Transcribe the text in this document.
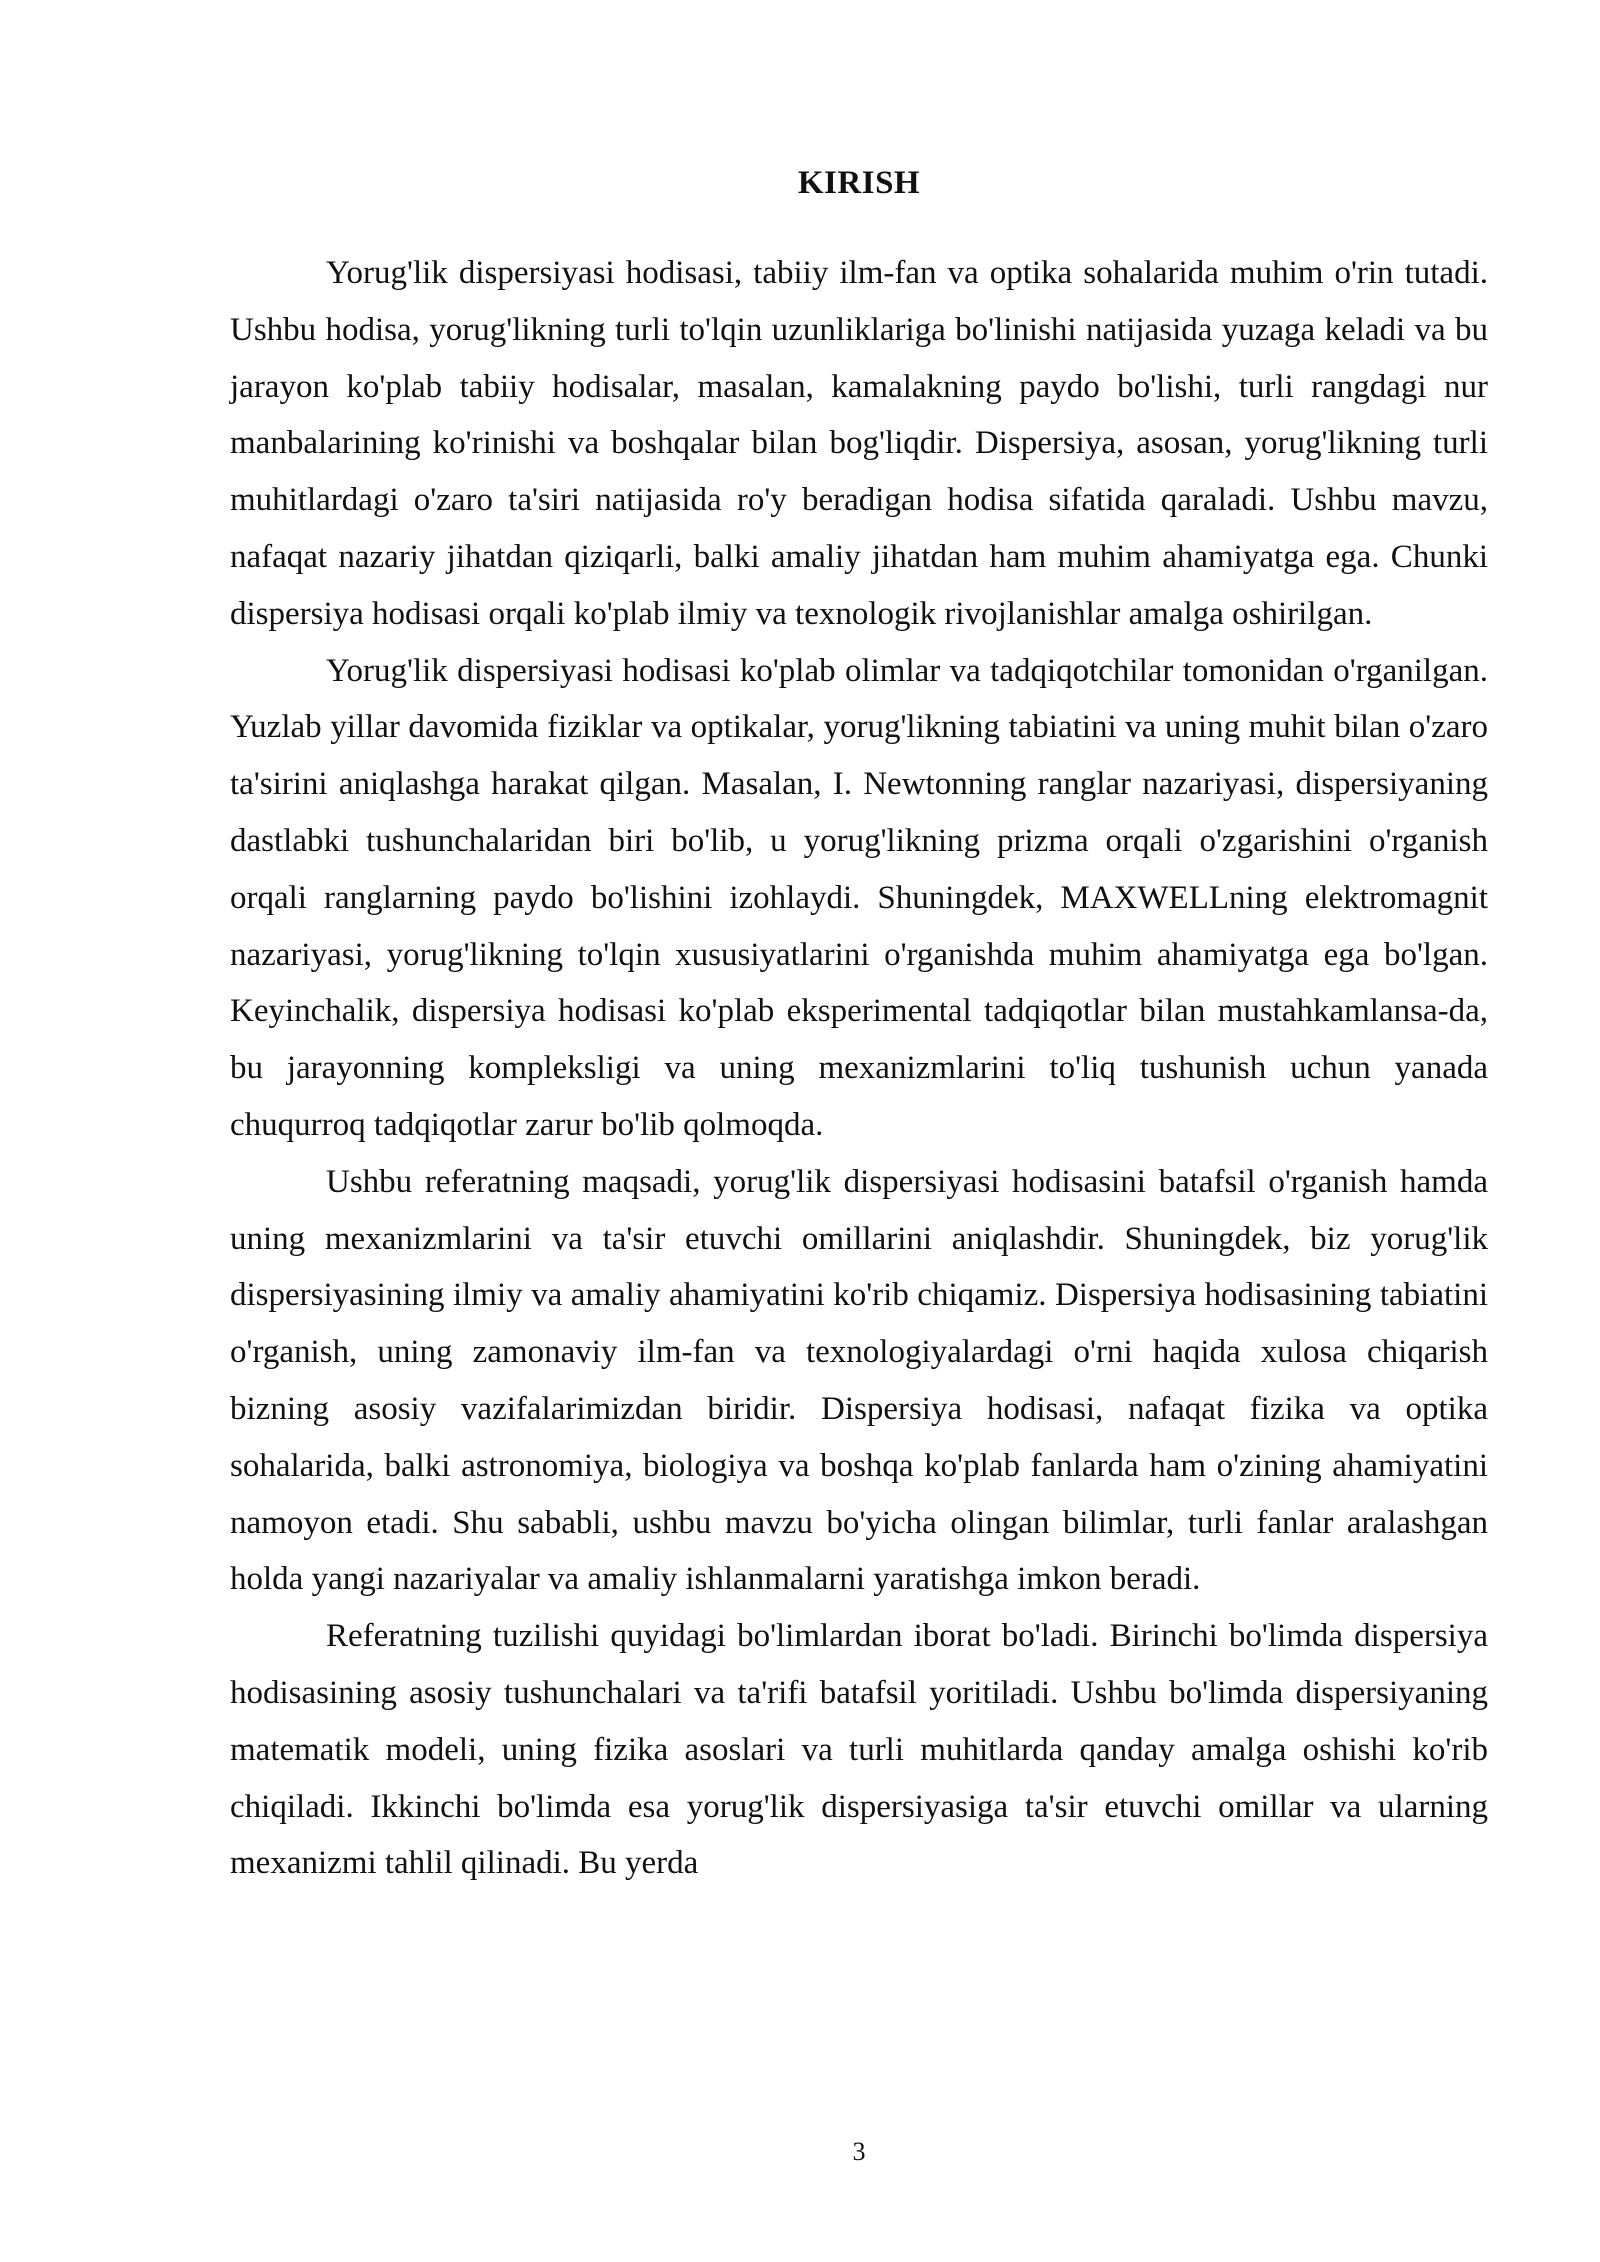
KIRISH

Yorug'lik dispersiyasi hodisasi, tabiiy ilm-fan va optika sohalarida muhim o'rin tutadi. Ushbu hodisa, yorug'likning turli to'lqin uzunliklariga bo'linishi natijasida yuzaga keladi va bu jarayon ko'plab tabiiy hodisalar, masalan, kamalakning paydo bo'lishi, turli rangdagi nur manbalarining ko'rinishi va boshqalar bilan bog'liqdir. Dispersiya, asosan, yorug'likning turli muhitlardagi o'zaro ta'siri natijasida ro'y beradigan hodisa sifatida qaraladi. Ushbu mavzu, nafaqat nazariy jihatdan qiziqarli, balki amaliy jihatdan ham muhim ahamiyatga ega. Chunki dispersiya hodisasi orqali ko'plab ilmiy va texnologik rivojlanishlar amalga oshirilgan.

Yorug'lik dispersiyasi hodisasi ko'plab olimlar va tadqiqotchilar tomonidan o'rganilgan. Yuzlab yillar davomida fiziklar va optikalar, yorug'likning tabiatini va uning muhit bilan o'zaro ta'sirini aniqlashga harakat qilgan. Masalan, I. Newtonning ranglar nazariyasi, dispersiyaning dastlabki tushunchalaridan biri bo'lib, u yorug'likning prizma orqali o'zgarishini o'rganish orqali ranglarning paydo bo'lishini izohlaydi. Shuningdek, MAXWELLning elektromagnit nazariyasi, yorug'likning to'lqin xususiyatlarini o'rganishda muhim ahamiyatga ega bo'lgan. Keyinchalik, dispersiya hodisasi ko'plab eksperimental tadqiqotlar bilan mustahkamlansa-da, bu jarayonning kompleksligi va uning mexanizmlarini to'liq tushunish uchun yanada chuqurroq tadqiqotlar zarur bo'lib qolmoqda.

Ushbu referatning maqsadi, yorug'lik dispersiyasi hodisasini batafsil o'rganish hamda uning mexanizmlarini va ta'sir etuvchi omillarini aniqlashdir. Shuningdek, biz yorug'lik dispersiyasining ilmiy va amaliy ahamiyatini ko'rib chiqamiz. Dispersiya hodisasining tabiatini o'rganish, uning zamonaviy ilm-fan va texnologiyalardagi o'rni haqida xulosa chiqarish bizning asosiy vazifalarimizdan biridir. Dispersiya hodisasi, nafaqat fizika va optika sohalarida, balki astronomiya, biologiya va boshqa ko'plab fanlarda ham o'zining ahamiyatini namoyon etadi. Shu sababli, ushbu mavzu bo'yicha olingan bilimlar, turli fanlar aralashgan holda yangi nazariyalar va amaliy ishlanmalarni yaratishga imkon beradi.

Referatning tuzilishi quyidagi bo'limlardan iborat bo'ladi. Birinchi bo'limda dispersiya hodisasining asosiy tushunchalari va ta'rifi batafsil yoritiladi. Ushbu bo'limda dispersiyaning matematik modeli, uning fizika asoslari va turli muhitlarda qanday amalga oshishi ko'rib chiqiladi. Ikkinchi bo'limda esa yorug'lik dispersiyasiga ta'sir etuvchi omillar va ularning mexanizmi tahlil qilinadi. Bu yerda

3
